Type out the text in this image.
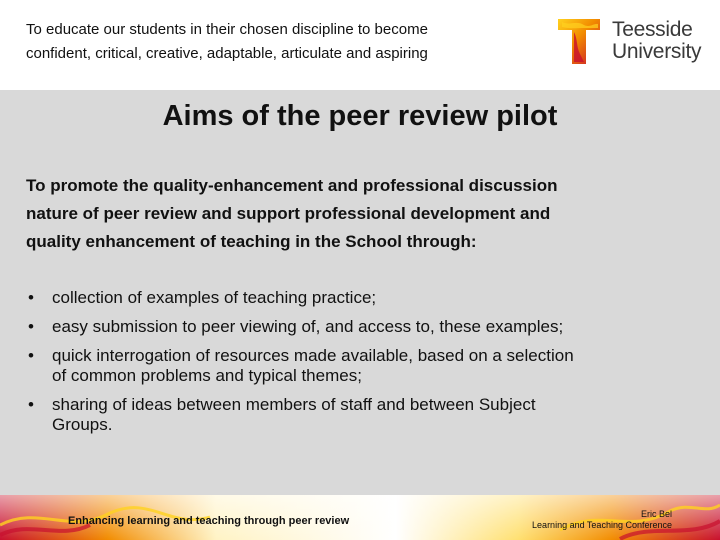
To educate our students in their chosen discipline to become
confident, critical, creative, adaptable, articulate and aspiring
Teesside
University
Aims of the peer review pilot
To promote the quality-enhancement and professional discussion
nature of peer review and support professional development and
quality enhancement of teaching in the School through:
• collection of examples of teaching practice;
• easy submission to peer viewing of, and access to, these examples;
• quick interrogation of resources made available, based on a selection
of common problems and typical themes;
• sharing of ideas between members of staff and between Subject
Groups.
Enhancing learning and teaching through peer review
Eric Bel
Learning and Teaching Conference
